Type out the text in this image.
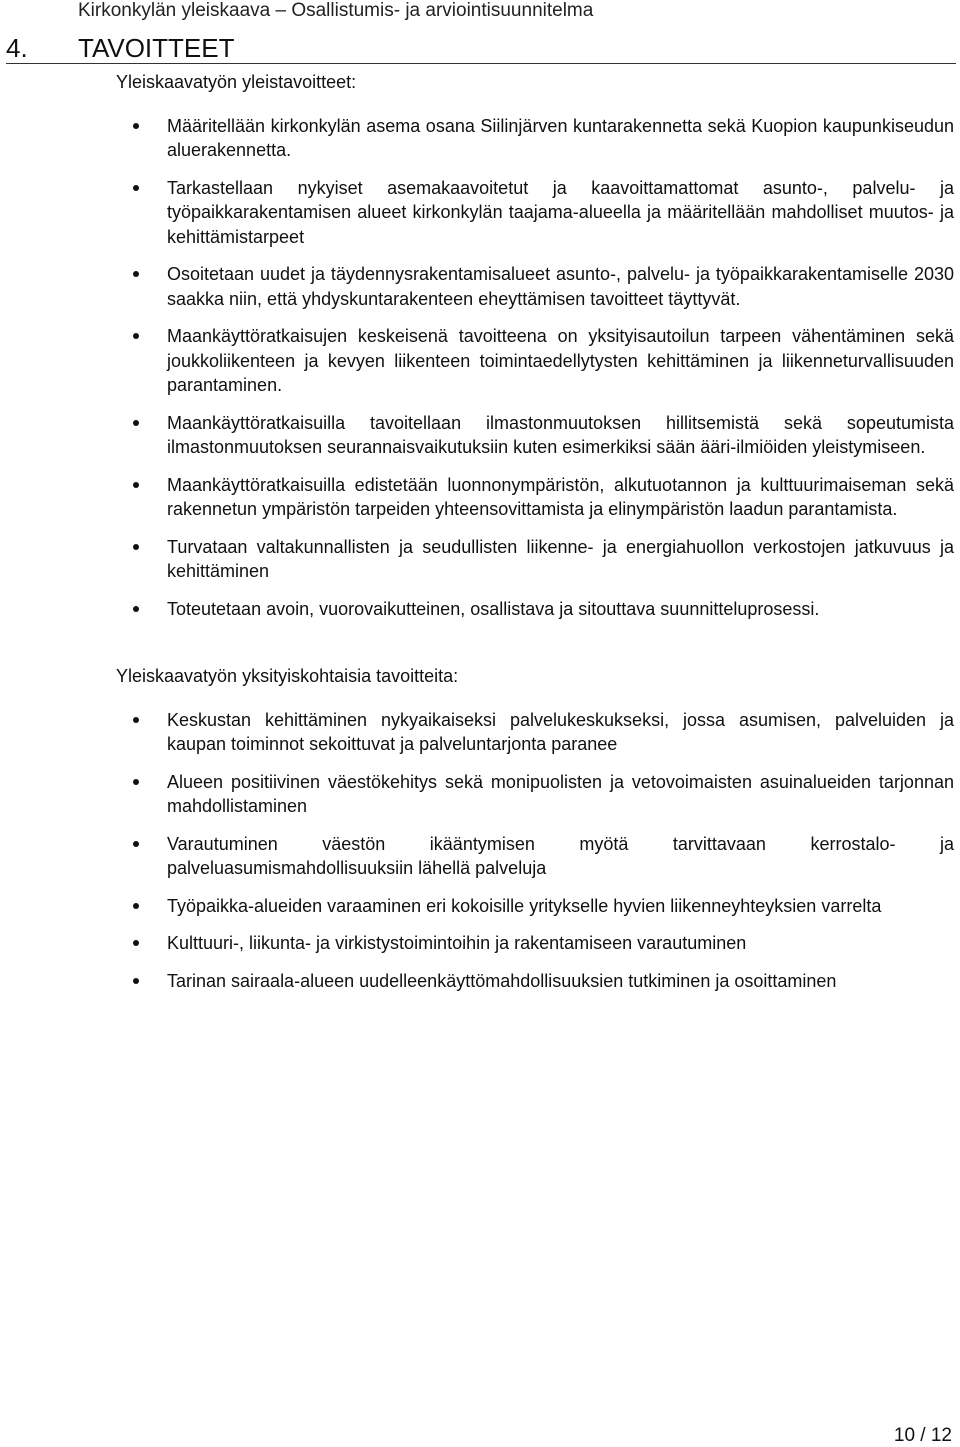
Kirkonkylän yleiskaava – Osallistumis- ja arviointisuunnitelma
4. TAVOITTEET

Yleiskaavatyön yleistavoitteet:

Määritellään kirkonkylän asema osana Siilinjärven kuntarakennetta sekä Kuopion kaupunkiseudun aluerakennetta.
Tarkastellaan nykyiset asemakaavoitetut ja kaavoittamattomat asunto-, palvelu- ja työpaikkarakentamisen alueet kirkonkylän taajama-alueella ja määritellään mahdolliset muutos- ja kehittämistarpeet
Osoitetaan uudet ja täydennysrakentamisalueet asunto-, palvelu- ja työpaikkarakentamiselle 2030 saakka niin, että yhdyskuntarakenteen eheyttämisen tavoitteet täyttyvät.
Maankäyttöratkaisujen keskeisenä tavoitteena on yksityisautoilun tarpeen vähentäminen sekä joukkoliikenteen ja kevyen liikenteen toimintaedellytysten kehittäminen ja liikenneturvallisuuden parantaminen.
Maankäyttöratkaisuilla tavoitellaan ilmastonmuutoksen hillitsemistä sekä sopeutumista ilmastonmuutoksen seurannaisvaikutuksiin kuten esimerkiksi sään ääri-ilmiöiden yleistymiseen.
Maankäyttöratkaisuilla edistetään luonnonympäristön, alkutuotannon ja kulttuurimaiseman sekä rakennetun ympäristön tarpeiden yhteensovittamista ja elinympäristön laadun parantamista.
Turvataan valtakunnallisten ja seudullisten liikenne- ja energiahuollon verkostojen jatkuvuus ja kehittäminen
Toteutetaan avoin, vuorovaikutteinen, osallistava ja sitouttava suunnitteluprosessi.

Yleiskaavatyön yksityiskohtaisia tavoitteita:

Keskustan kehittäminen nykyaikaiseksi palvelukeskukseksi, jossa asumisen, palveluiden ja kaupan toiminnot sekoittuvat ja palveluntarjonta paranee
Alueen positiivinen väestökehitys sekä monipuolisten ja vetovoimaisten asuinalueiden tarjonnan mahdollistaminen
Varautuminen väestön ikääntymisen myötä tarvittavaan kerrostalo- ja palveluasumismahdollisuuksiin lähellä palveluja
Työpaikka-alueiden varaaminen eri kokoisille yritykselle hyvien liikenneyhteyksien varrelta
Kulttuuri-, liikunta- ja virkistystoimintoihin ja rakentamiseen varautuminen
Tarinan sairaala-alueen uudelleenkäyttömahdollisuuksien tutkiminen ja osoittaminen
10 / 12
